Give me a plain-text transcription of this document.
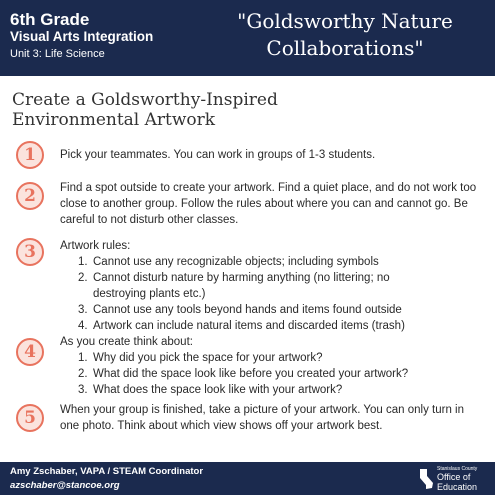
6th Grade
Visual Arts Integration
Unit 3: Life Science
"Goldsworthy Nature
Collaborations"
Create a Goldsworthy-Inspired
Environmental Artwork
1	Pick your teammates. You can work in groups of 1-3 students.
2	Find a spot outside to create your artwork. Find a quiet place, and do not work too close to another group. Follow the rules about where you can and cannot go. Be careful to not disturb other classes.
3	Artwork rules:
1. Cannot use any recognizable objects; including symbols
2. Cannot disturb nature by harming anything (no littering; no
destroying plants etc.)
3. Cannot use any tools beyond hands and items found outside
4. Artwork can include natural items and discarded items (trash)
4	As you create think about:
1. Why did you pick the space for your artwork?
2. What did the space look like before you created your artwork?
3. What does the space look like with your artwork?
5	When your group is finished, take a picture of your artwork. You can only turn in one photo. Think about which view shows off your artwork best.
Amy Zschaber, VAPA / STEAM Coordinator
azschaber@stancoe.org
Stanislaus County
Office of
Education
